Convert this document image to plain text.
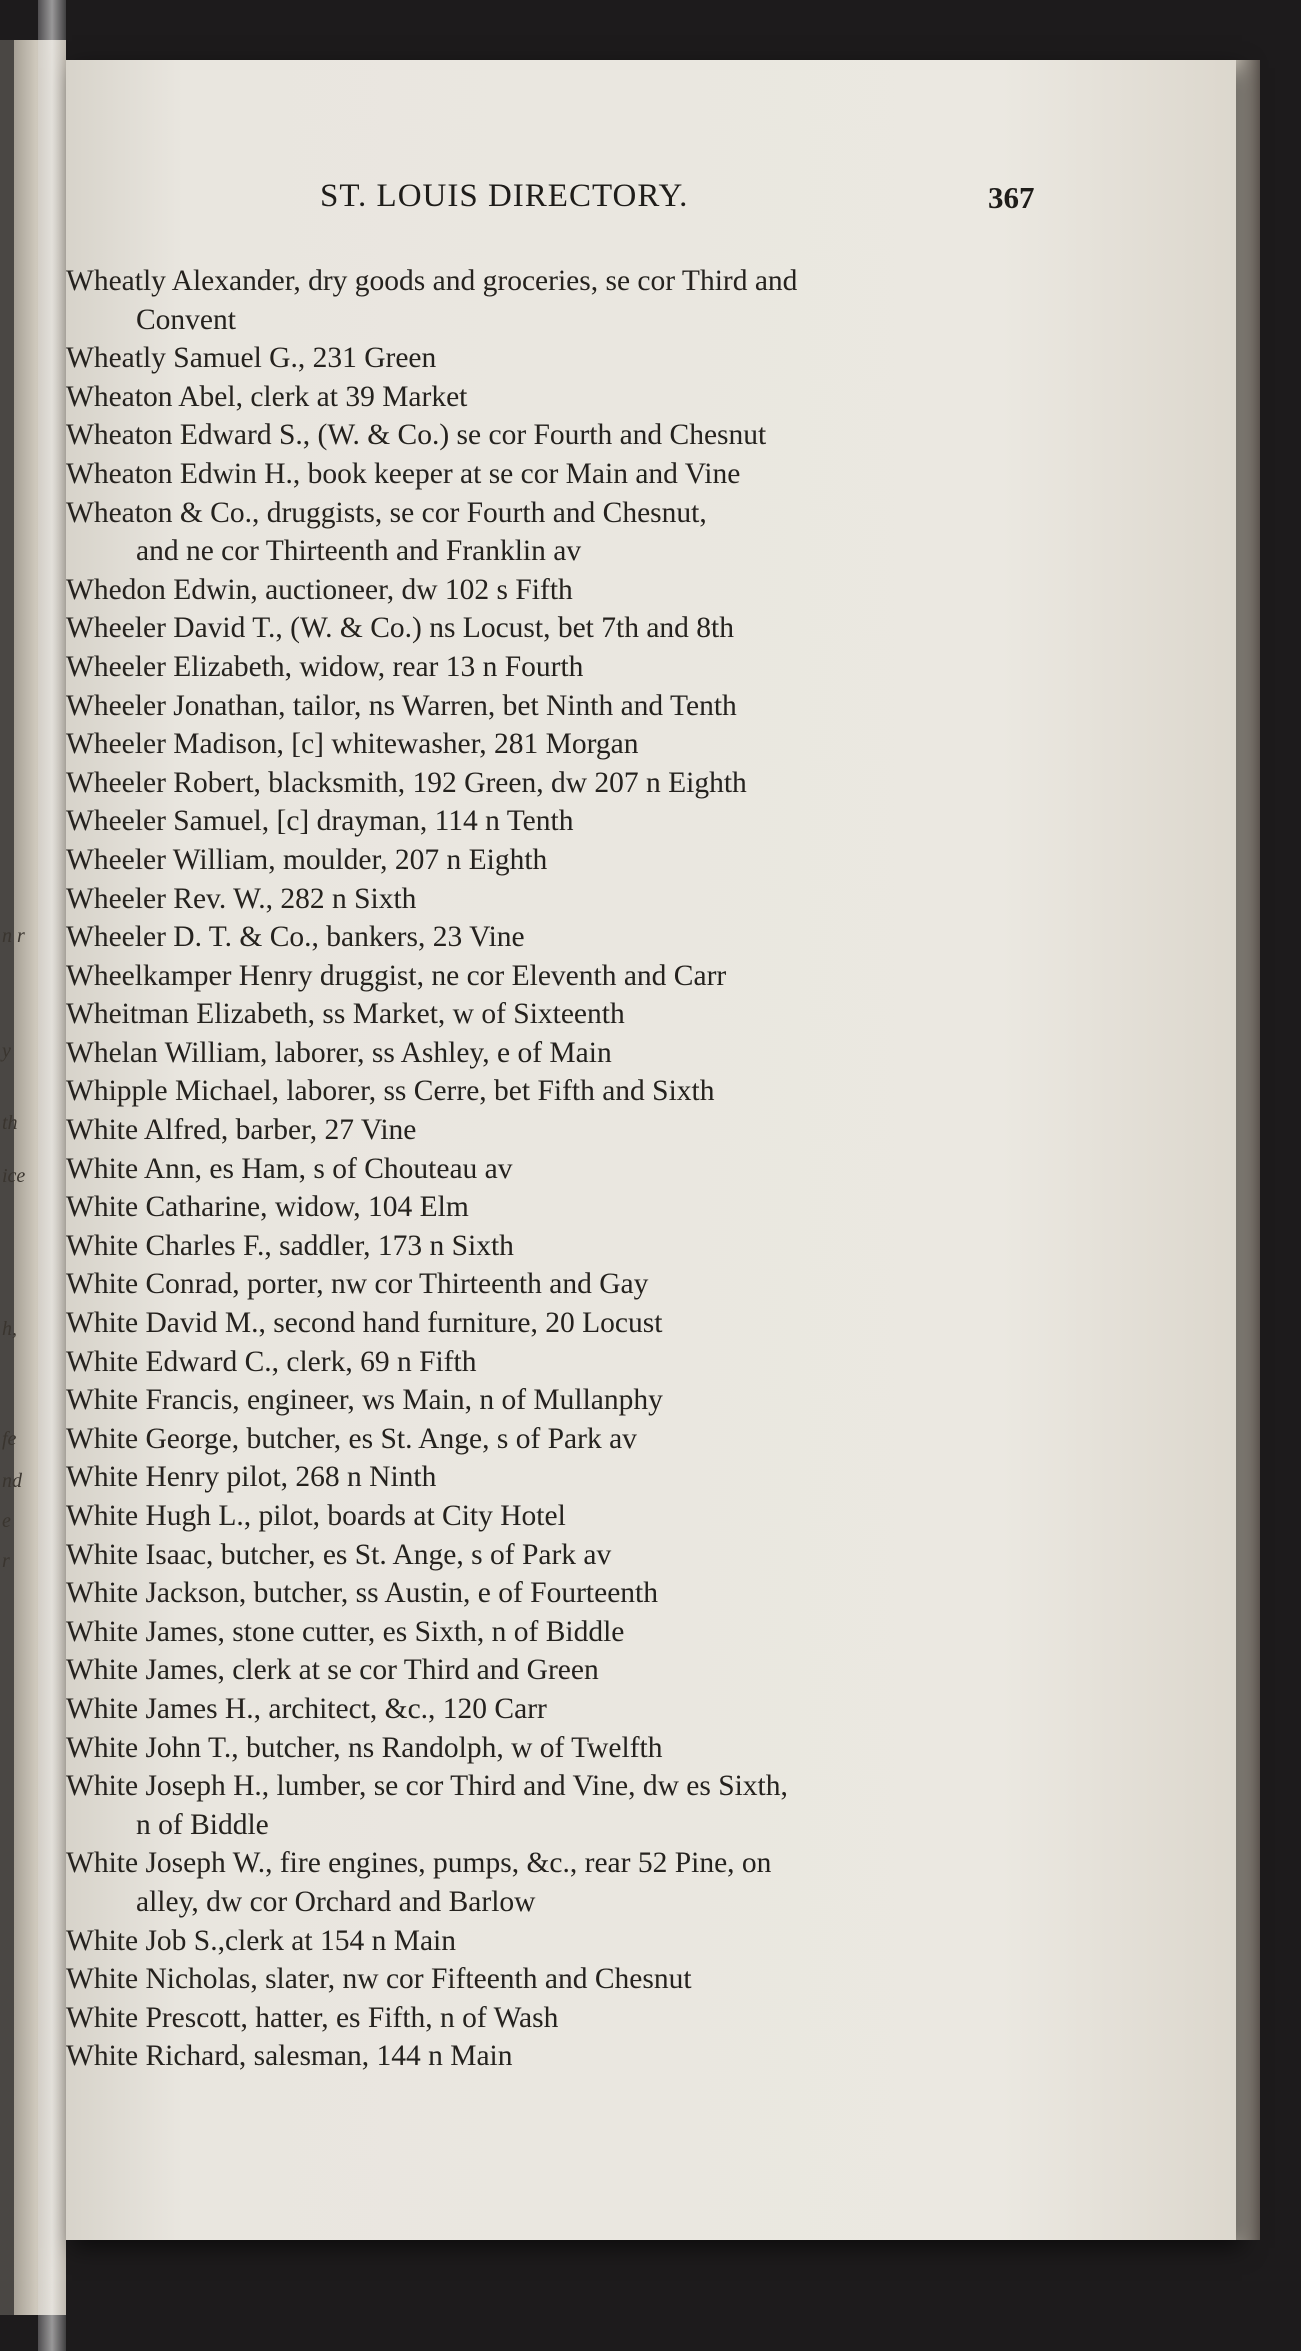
n r
y
th
ice
h,
fe
nd
e
r
ST. LOUIS DIRECTORY.	367
Wheatly Alexander, dry goods and groceries, se cor Third and
Convent
Wheatly Samuel G., 231 Green
Wheaton Abel, clerk at 39 Market
Wheaton Edward S., (W. & Co.) se cor Fourth and Chesnut
Wheaton Edwin H., book keeper at se cor Main and Vine
Wheaton & Co., druggists, se cor Fourth and Chesnut,
and ne cor Thirteenth and Franklin av
Whedon Edwin, auctioneer, dw 102 s Fifth
Wheeler David T., (W. & Co.) ns Locust, bet 7th and 8th
Wheeler Elizabeth, widow, rear 13 n Fourth
Wheeler Jonathan, tailor, ns Warren, bet Ninth and Tenth
Wheeler Madison, [c] whitewasher, 281 Morgan
Wheeler Robert, blacksmith, 192 Green, dw 207 n Eighth
Wheeler Samuel, [c] drayman, 114 n Tenth
Wheeler William, moulder, 207 n Eighth
Wheeler Rev. W., 282 n Sixth
Wheeler D. T. & Co., bankers, 23 Vine
Wheelkamper Henry druggist, ne cor Eleventh and Carr
Wheitman Elizabeth, ss Market, w of Sixteenth
Whelan William, laborer, ss Ashley, e of Main
Whipple Michael, laborer, ss Cerre, bet Fifth and Sixth
White Alfred, barber, 27 Vine
White Ann, es Ham, s of Chouteau av
White Catharine, widow, 104 Elm
White Charles F., saddler, 173 n Sixth
White Conrad, porter, nw cor Thirteenth and Gay
White David M., second hand furniture, 20 Locust
White Edward C., clerk, 69 n Fifth
White Francis, engineer, ws Main, n of Mullanphy
White George, butcher, es St. Ange, s of Park av
White Henry pilot, 268 n Ninth
White Hugh L., pilot, boards at City Hotel
White Isaac, butcher, es St. Ange, s of Park av
White Jackson, butcher, ss Austin, e of Fourteenth
White James, stone cutter, es Sixth, n of Biddle
White James, clerk at se cor Third and Green
White James H., architect, &c., 120 Carr
White John T., butcher, ns Randolph, w of Twelfth
White Joseph H., lumber, se cor Third and Vine, dw es Sixth,
n of Biddle
White Joseph W., fire engines, pumps, &c., rear 52 Pine, on
alley, dw cor Orchard and Barlow
White Job S.,clerk at 154 n Main
White Nicholas, slater, nw cor Fifteenth and Chesnut
White Prescott, hatter, es Fifth, n of Wash
White Richard, salesman, 144 n Main
